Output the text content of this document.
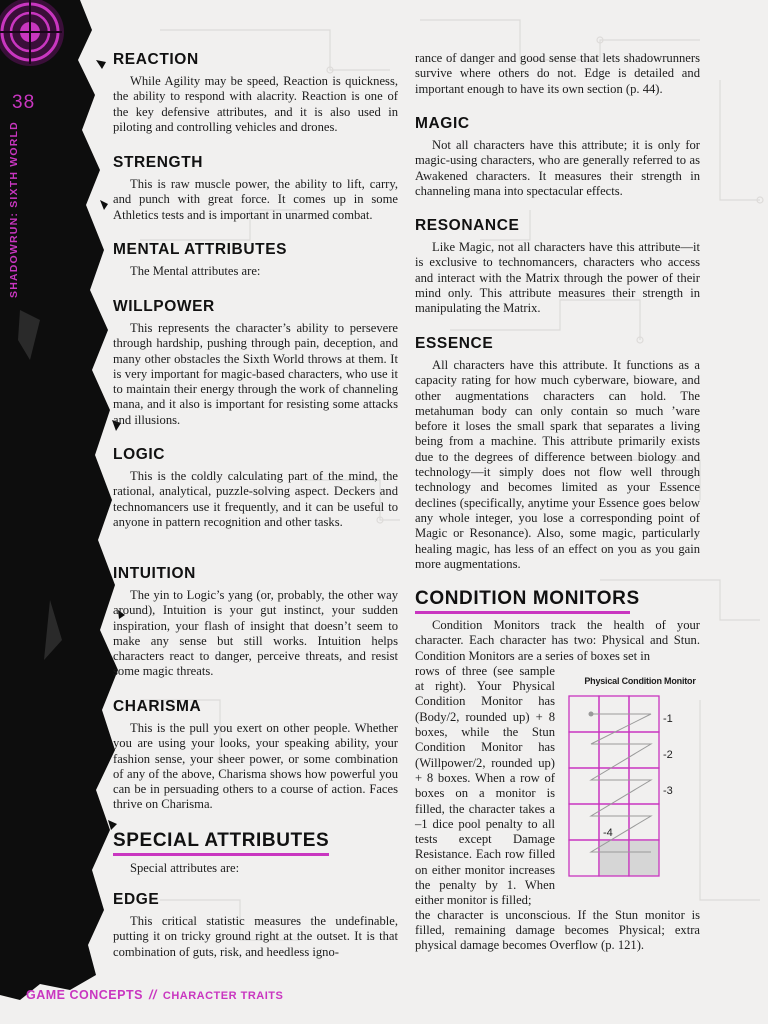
38
SHADOWRUN: SIXTH WORLD
REACTION

While Agility may be speed, Reaction is quickness, the ability to respond with alacrity. Reaction is one of the key defensive attributes, and it is also used in piloting and controlling vehicles and drones.

STRENGTH

This is raw muscle power, the ability to lift, carry, and punch with great force. It comes up in some Athletics tests and is important in unarmed combat.

MENTAL ATTRIBUTES

The Mental attributes are:

WILLPOWER

This represents the character’s ability to persevere through hardship, pushing through pain, deception, and many other obstacles the Sixth World throws at them. It is very important for magic-based characters, who use it to maintain their energy through the work of channeling mana, and it also is important for resisting some attacks and illusions.

LOGIC

This is the coldly calculating part of the mind, the rational, analytical, puzzle-solving aspect. Deckers and technomancers use it frequently, and it can be useful to anyone in pattern recognition and other tasks.

INTUITION

The yin to Logic’s yang (or, probably, the other way around), Intuition is your gut instinct, your sudden inspiration, your flash of insight that doesn’t seem to make any sense but still works. Intuition helps characters react to danger, perceive threats, and resist some magic threats.

CHARISMA

This is the pull you exert on other people. Whether you are using your looks, your speaking ability, your fashion sense, your sheer power, or some combination of any of the above, Charisma shows how powerful you can be in persuading others to a course of action. Faces thrive on Charisma.

SPECIAL ATTRIBUTES

Special attributes are:

EDGE

This critical statistic measures the undefinable, putting it on tricky ground right at the outset. It is that combination of guts, risk, and heedless igno-

rance of danger and good sense that lets shadowrunners survive where others do not. Edge is detailed and important enough to have its own section (p. 44).

MAGIC

Not all characters have this attribute; it is only for magic-using characters, who are generally referred to as Awakened characters. It measures their strength in channeling mana into spectacular effects.

RESONANCE

Like Magic, not all characters have this attribute—it is exclusive to technomancers, characters who access and interact with the Matrix through the power of their mind only. This attribute measures their strength in manipulating the Matrix.

ESSENCE

All characters have this attribute. It functions as a capacity rating for how much cyberware, bioware, and other augmentations characters can hold. The metahuman body can only contain so much ’ware before it loses the small spark that separates a living being from a machine. This attribute primarily exists due to the degrees of difference between biology and technology—it simply does not flow well through technology and becomes limited as your Essence declines (specifically, anytime your Essence goes below any whole integer, you lose a corresponding point of Magic or Resonance). Also, some magic, particularly healing magic, has less of an effect on you as you gain more augmentations.

CONDITION MONITORS

Condition Monitors track the health of your character. Each character has two: Physical and Stun. Condition Monitors are a series of boxes set in

rows of three (see sample at right). Your Physical Condition Monitor has (Body/2, rounded up) + 8 boxes, while the Stun Condition Monitor has (Willpower/2, rounded up) + 8 boxes. When a row of boxes on a monitor is filled, the character takes a –1 dice pool penalty to all tests except Damage Resistance. Each row filled on either monitor increases the penalty by 1. When either monitor is filled;

the character is unconscious. If the Stun monitor is filled, remaining damage becomes Physical; extra physical damage becomes Overflow (p. 121).

Physical Condition Monitor
-1
-2
-3
-4
GAME CONCEPTS // CHARACTER TRAITS
